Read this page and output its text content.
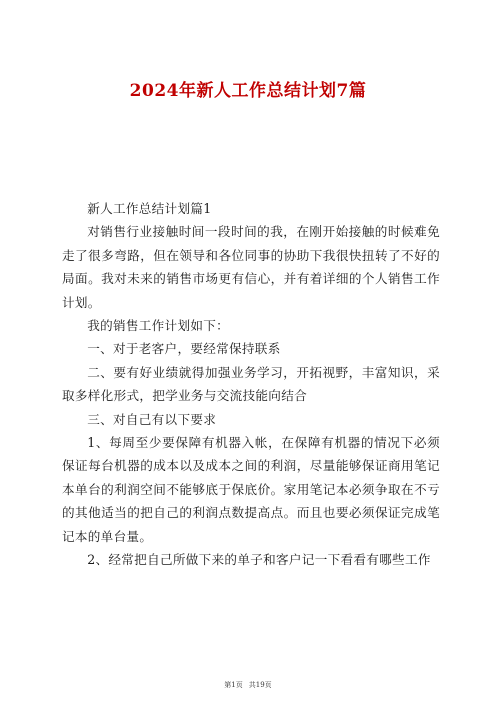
2024年新人工作总结计划7篇

新人工作总结计划篇1

对销售行业接触时间一段时间的我，在刚开始接触的时候难免走了很多弯路，但在领导和各位同事的协助下我很快扭转了不好的局面。我对未来的销售市场更有信心，并有着详细的个人销售工作计划。

我的销售工作计划如下：

一、对于老客户，要经常保持联系

二、要有好业绩就得加强业务学习，开拓视野，丰富知识，采取多样化形式，把学业务与交流技能向结合

三、对自己有以下要求

1、每周至少要保障有机器入帐，在保障有机器的情况下必须保证每台机器的成本以及成本之间的利润，尽量能够保证商用笔记本单台的利润空间不能够底于保底价。家用笔记本必须争取在不亏的其他适当的把自己的利润点数提高点。而且也要必须保证完成笔记本的单台量。

2、经常把自己所做下来的单子和客户记一下看看有哪些工作

第1页 共19页
